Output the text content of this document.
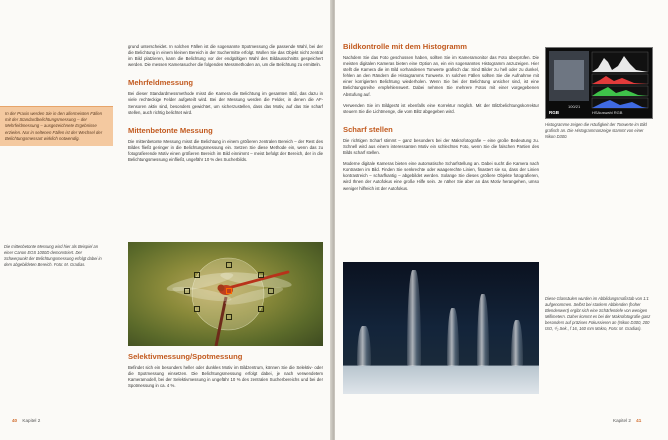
In der Praxis werden Sie in den allermeisten Fällen mit der Standardbelichtungsmessung – der Mehrfeldmessung – ausgezeichnete Ergebnisse erzielen. Nur in seltenen Fällen ist der Wechsel der Belichtungsmessart wirklich notwendig.

Die mittenbetonte Messung wird hier als Beispiel an einer Canon EOS 1000D demonstriert. Der Schwerpunkt der Belichtungsmessung erfolgt dabei in dem abgebildeten Bereich. Foto: M. Gradias.

grund unterscheidet. In solchen Fällen ist die sogenannte Spotmessung die passende Wahl, bei der die Belichtung in einem kleinen Bereich in der Suchermitte erfolgt. Wollen Sie das Objekt nicht zentral im Bild platzieren, kann die Belichtung vor der endgültigen Wahl des Bildausschnitts gespeichert werden. Die messen Kamerasucher die folgenden Messmethoden an, um die Belichtung zu ermitteln.

Mehrfeldmessung

Bei dieser Standardmessmethode misst die Kamera die Belichtung im gesamten Bild, das dazu in viele rechteckige Felder aufgeteilt wird. Bei der Messung werden die Felder, in denen die AF-Sensoren aktiv sind, besonders gewichtet, um sicherzustellen, dass das Motiv, auf das Sie scharf stellen, auch richtig belichtet wird.

Mittenbetonte Messung

Die mittenbetonte Messung misst die Belichtung in einem größeren zentralen Bereich – der Rest des Bildes fließt geringer in die Belichtungsmessung ein. Setzen Sie diese Methode ein, wenn das zu fotografierende Motiv einen größeren Bereich im Bild einnimmt – meist befolgt der Bereich, der in die Belichtungsmessung einfließt, ungefähr 10 % des Sucherbilds.

Selektivmessung/Spotmessung

Befindet sich ein besonders heller oder dunkles Motiv im Bildzentrum, können Sie die Selektiv- oder die Spotmessung einsetzen. Die Belichtungsmessung erfolgt dabei, je nach verwendetem Kameramodell, bei der Selektivmessung in ungefähr 10 % des zentralen Sucherbereichs und bei der Spotmessung in ca. 4 %.

40 Kapitel 2
Bildkontrolle mit dem Histogramm

Nachdem Sie das Foto geschossen haben, sollten Sie im Kameramonitor das Foto überprüfen. Die meisten digitalen Kameras bieten eine Option an, ein ein sogenanntes Histogramm anzuzeigen. Hier stellt die Kamera die im Bild vorhandenen Tonwerte grafisch dar. Sind Bilder zu hell oder zu dunkel, fehlen an den Rändern die Histogramms Tonwerte. In solchen Fällen sollten Sie die Aufnahme mit einer korrigierten Belichtung wiederholen. Wenn Sie bei der Belichtung unsicher sind, ist eine Belichtungsreihe empfehlenswert. Dabei nehmen Sie mehrere Fotos mit einer vorgegebenen Abstufung auf.

Verwenden Sie im Bildgerät ist ebenfalls eine Korrektur möglich. Mit der Blitzbelichtungskorrektur steuern Sie die Lichtmenge, die vom Blitz abgegeben wird.

Scharf stellen

Die richtigen Scharf stimmt – ganz besonders bei der Makrofotografie – eine große Bedeutung zu. Schnell wird aus einem interessanten Motiv ein schlechtes Foto, wenn Sie die falschen Partien des Bilds scharf stellen.

Moderne digitale Kameras bieten eine automatische Scharfstellung an. Dabei sucht die Kamera nach Kontrasten im Bild. Finden Sie senkrechte oder waagerechte Linien, finastert sie so, dass der Linien kontrastreich – scharfkantig – abgebildet werden. Solange Sie dieses größere Objekte fotografieren, wird Ihnen der Autofokus eine große Hilfe sein. Je näher Sie aber an das Motiv herangehen, umso weniger hilfreich ist der Autofokus.

100/21
RGB	HSAuswahl RGB

Histogramme zeigen die Häufigkeit der Tonwerte im Bild grafisch an. Die Histogrammanzeige stammt von einer Nikon D300.

Diese Glassäulen wurden im Abbildungsmaßstab von 1:1 aufgenommen. Selbst bei starkem Abblenden (hoher Blendenwert) ergibt sich eine Schärfentiefe von wenigen Millimetern. Daher kommt es bei der Makrofotografie ganz besonders auf präzises Fokussieren an (Nikon D300, 200 ISO, ¹/₂ Sek., f 16, 160 mm Makro, Foto: M. Gradias).

Kapitel 2 41
